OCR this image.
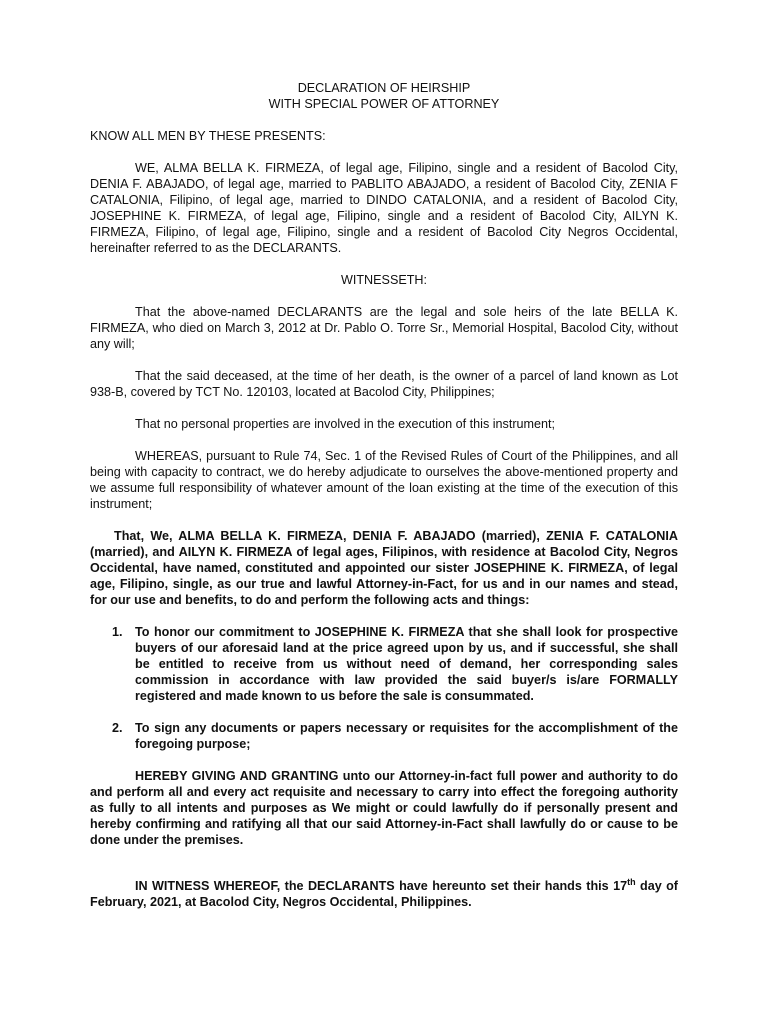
DECLARATION OF HEIRSHIP
WITH SPECIAL POWER OF ATTORNEY
KNOW ALL MEN BY THESE PRESENTS:
WE, ALMA BELLA K. FIRMEZA, of legal age, Filipino, single and a resident of Bacolod City, DENIA F. ABAJADO, of legal age, married to PABLITO ABAJADO, a resident of Bacolod City, ZENIA F CATALONIA, Filipino, of legal age, married to DINDO CATALONIA, and a resident of Bacolod City, JOSEPHINE K. FIRMEZA, of legal age, Filipino, single and a resident of Bacolod City, AILYN K. FIRMEZA, Filipino, of legal age, Filipino, single and a resident of Bacolod City Negros Occidental, hereinafter referred to as the DECLARANTS.
WITNESSETH:
That the above-named DECLARANTS are the legal and sole heirs of the late BELLA K. FIRMEZA, who died on March 3, 2012 at Dr. Pablo O. Torre Sr., Memorial Hospital, Bacolod City, without any will;
That the said deceased, at the time of her death, is the owner of a parcel of land known as Lot 938-B, covered by TCT No. 120103, located at Bacolod City, Philippines;
That no personal properties are involved in the execution of this instrument;
WHEREAS, pursuant to Rule 74, Sec. 1 of the Revised Rules of Court of the Philippines, and all being with capacity to contract, we do hereby adjudicate to ourselves the above-mentioned property and we assume full responsibility of whatever amount of the loan existing at the time of the execution of this instrument;
That, We, ALMA BELLA K. FIRMEZA, DENIA F. ABAJADO (married), ZENIA F. CATALONIA (married), and AILYN K. FIRMEZA of legal ages, Filipinos, with residence at Bacolod City, Negros Occidental, have named, constituted and appointed our sister JOSEPHINE K. FIRMEZA, of legal age, Filipino, single, as our true and lawful Attorney-in-Fact, for us and in our names and stead, for our use and benefits, to do and perform the following acts and things:
1. To honor our commitment to JOSEPHINE K. FIRMEZA that she shall look for prospective buyers of our aforesaid land at the price agreed upon by us, and if successful, she shall be entitled to receive from us without need of demand, her corresponding sales commission in accordance with law provided the said buyer/s is/are FORMALLY registered and made known to us before the sale is consummated.
2. To sign any documents or papers necessary or requisites for the accomplishment of the foregoing purpose;
HEREBY GIVING AND GRANTING unto our Attorney-in-fact full power and authority to do and perform all and every act requisite and necessary to carry into effect the foregoing authority as fully to all intents and purposes as We might or could lawfully do if personally present and hereby confirming and ratifying all that our said Attorney-in-Fact shall lawfully do or cause to be done under the premises.
IN WITNESS WHEREOF, the DECLARANTS have hereunto set their hands this 17th day of February, 2021, at Bacolod City, Negros Occidental, Philippines.
